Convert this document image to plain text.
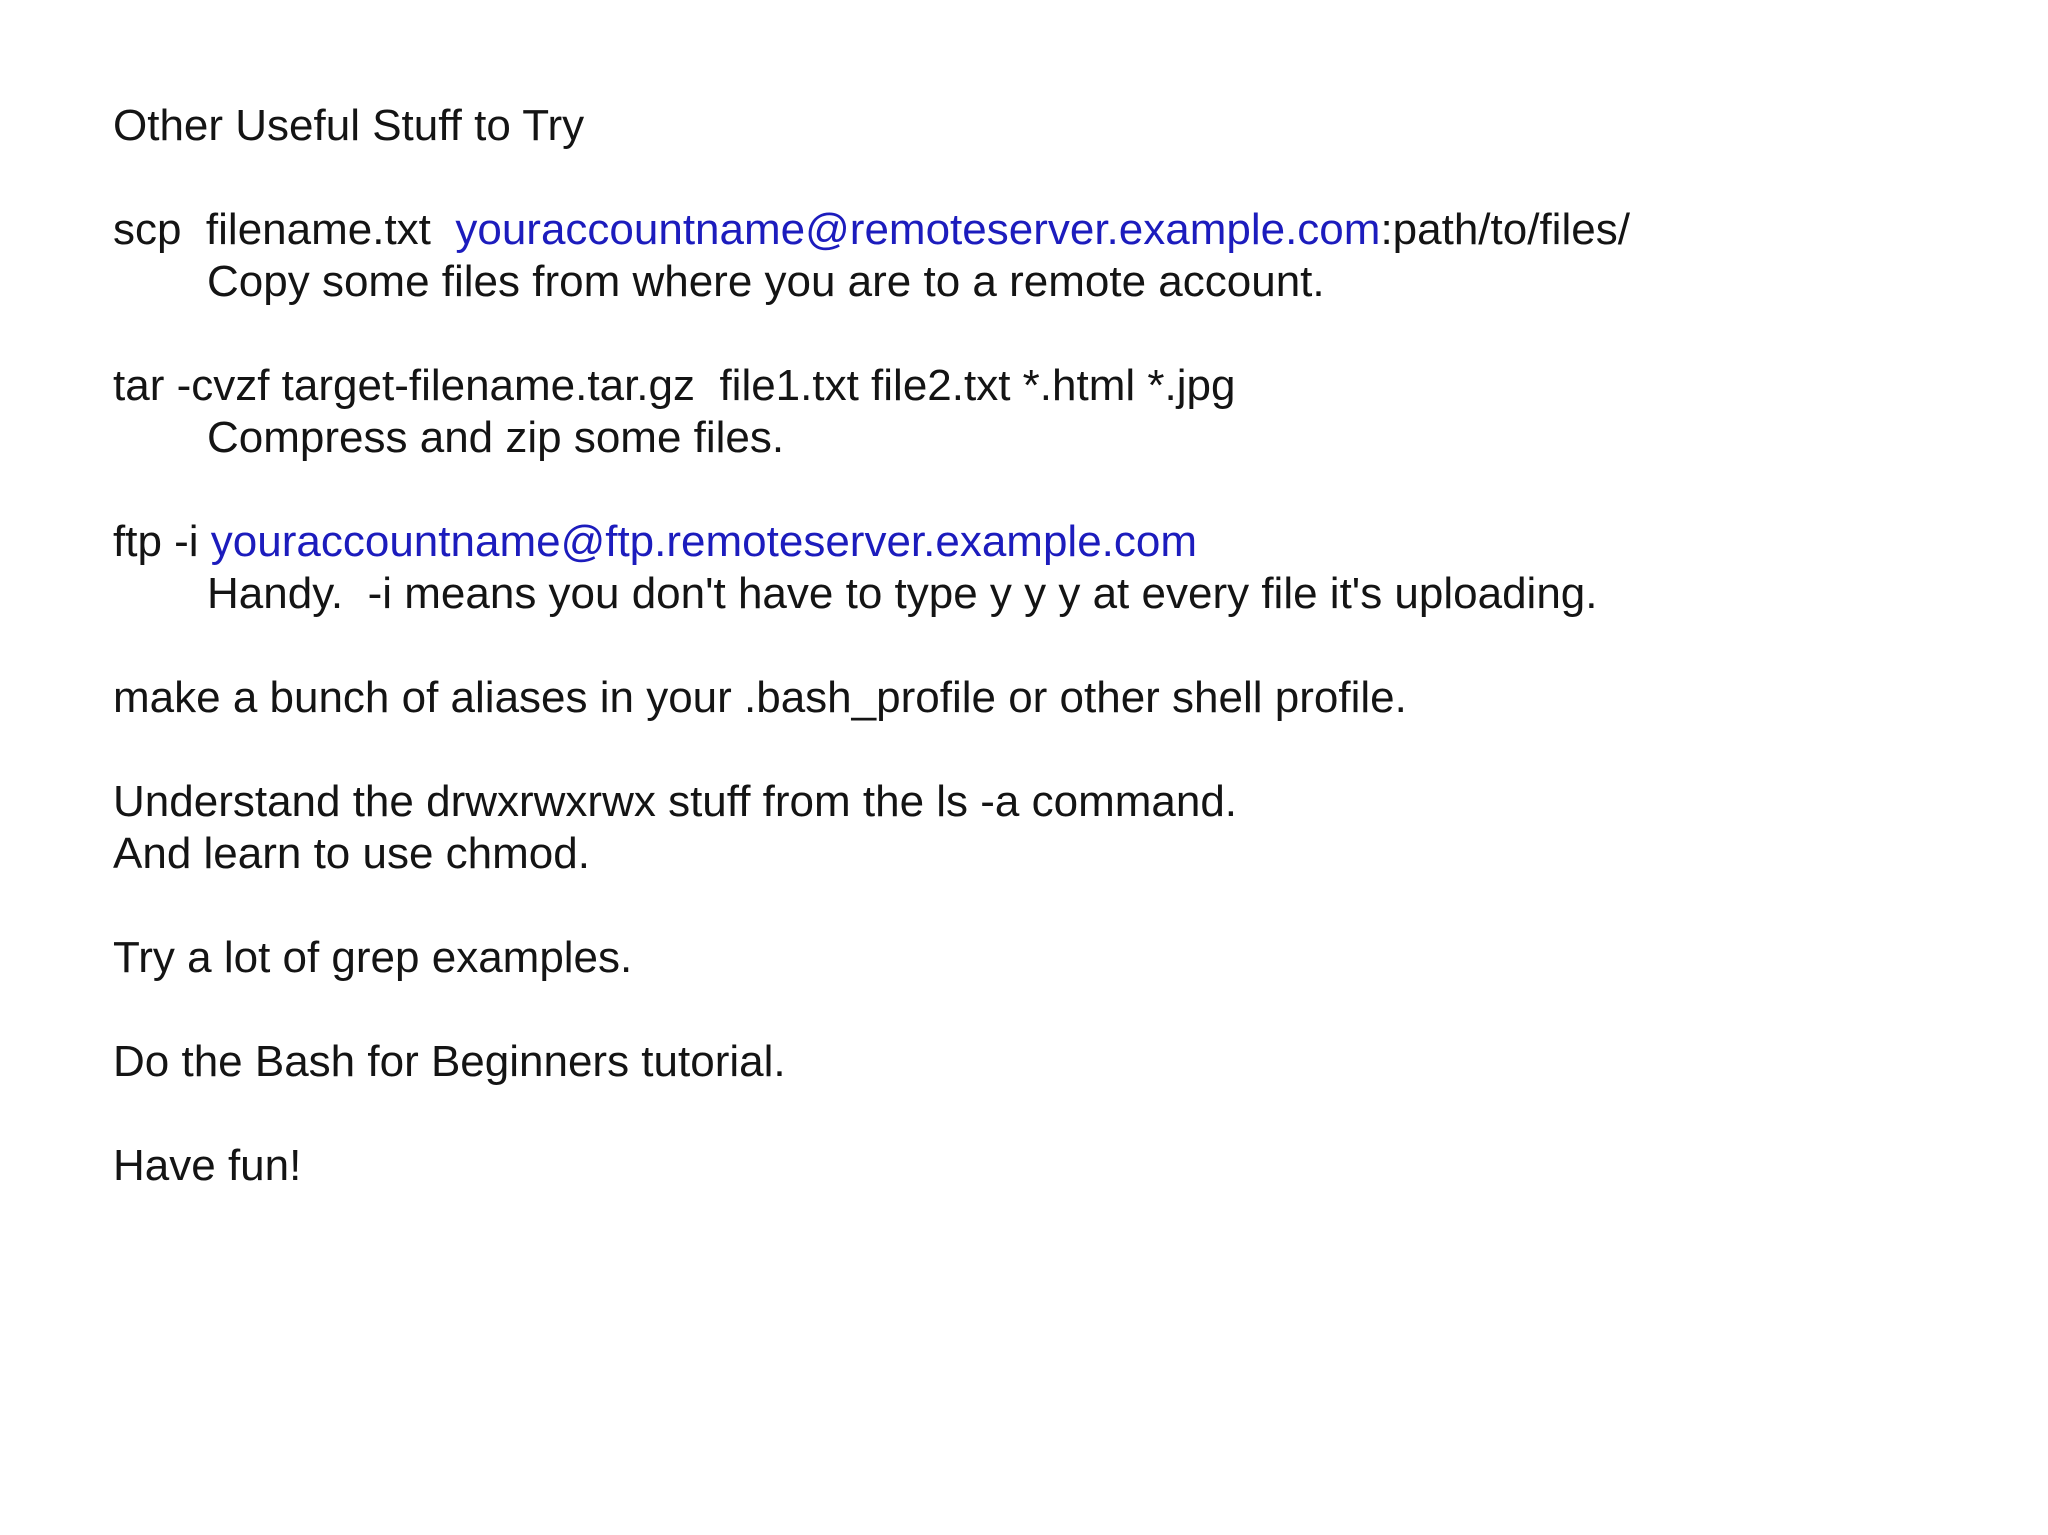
Other Useful Stuff to Try
scp  filename.txt  youraccountname@remoteserver.example.com:path/to/files/
Copy some files from where you are to a remote account.
tar -cvzf target-filename.tar.gz  file1.txt file2.txt *.html *.jpg
Compress and zip some files.
ftp -i youraccountname@ftp.remoteserver.example.com
Handy.  -i means you don't have to type y y y at every file it's uploading.
make a bunch of aliases in your .bash_profile or other shell profile.
Understand the drwxrwxrwx stuff from the ls -a command.
And learn to use chmod.
Try a lot of grep examples.
Do the Bash for Beginners tutorial.
Have fun!
